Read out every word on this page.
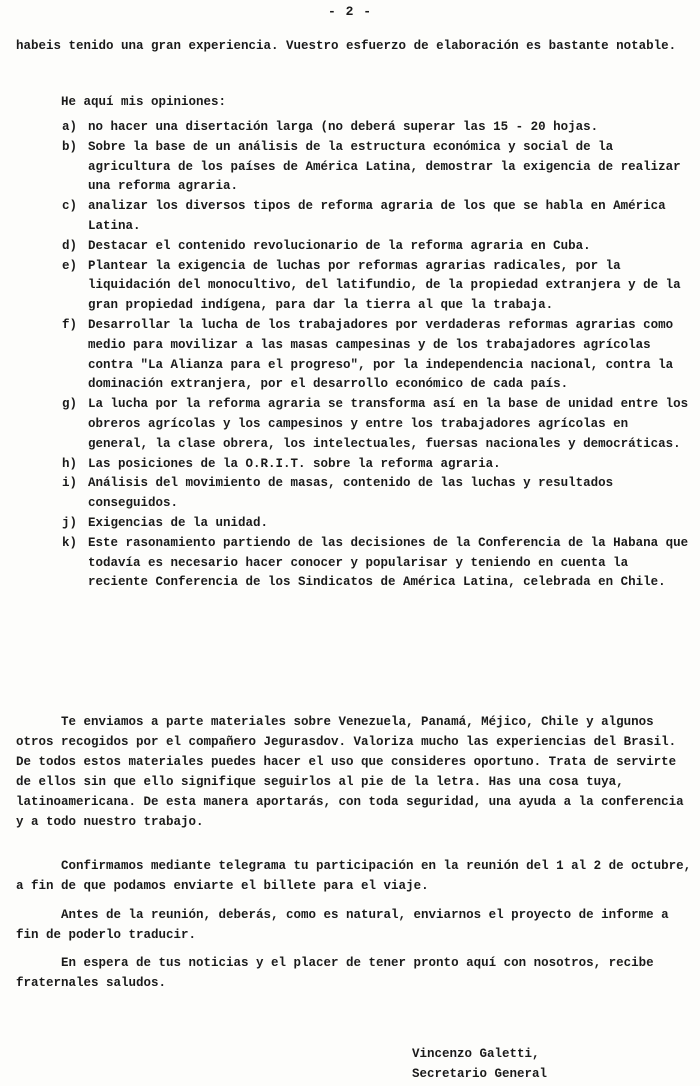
- 2 -

habeis tenido una gran experiencia. Vuestro esfuerzo de elaboración es bastante notable.

He aquí mis opiniones:

a) no hacer una disertación larga (no deberá superar las 15 - 20 hojas.
b) Sobre la base de un análisis de la estructura económica y social de la agricultura de los países de América Latina, demostrar la exigencia de realizar una reforma agraria.
c) analizar los diversos tipos de reforma agraria de los que se habla en América Latina.
d) Destacar el contenido revolucionario de la reforma agraria en Cuba.
e) Plantear la exigencia de luchas por reformas agrarias radicales, por la liquidación del monocultivo, del latifundio, de la propiedad extranjera y de la gran propiedad indígena, para dar la tierra al que la trabaja.
f) Desarrollar la lucha de los trabajadores por verdaderas reformas agrarias como medio para movilizar a las masas campesinas y de los trabajadores agrícolas contra "La Alianza para el progreso", por la independencia nacional, contra la dominación extranjera, por el desarrollo económico de cada país.
g) La lucha por la reforma agraria se transforma así en la base de unidad entre los obreros agrícolas y los campesinos y entre los trabajadores agrícolas en general, la clase obrera, los intelectuales, fuersas nacionales y democráticas.
h) Las posiciones de la O.R.I.T. sobre la reforma agraria.
i) Análisis del movimiento de masas, contenido de las luchas y resultados conseguidos.
j) Exigencias de la unidad.
k) Este rasonamiento partiendo de las decisiones de la Conferencia de la Habana que todavía es necesario hacer conocer y popularisar y teniendo en cuenta la reciente Conferencia de los Sindicatos de América Latina, celebrada en Chile.

Te enviamos a parte materiales sobre Venezuela, Panamá, Méjico, Chile y algunos otros recogidos por el compañero Jegurasdov. Valoriza mucho las experiencias del Brasil. De todos estos materiales puedes hacer el uso que consideres oportuno. Trata de servirte de ellos sin que ello signifique seguirlos al pie de la letra. Has una cosa tuya, latinoamericana. De esta manera aportarás, con toda seguridad, una ayuda a la conferencia y a todo nuestro trabajo.

Confirmamos mediante telegrama tu participación en la reunión del 1 al 2 de octubre, a fin de que podamos enviarte el billete para el viaje.

Antes de la reunión, deberás, como es natural, enviarnos el proyecto de informe a fin de poderlo traducir.

En espera de tus noticias y el placer de tener pronto aquí con nosotros, recibe fraternales saludos.

Vincenzo Galetti,
Secretario General
